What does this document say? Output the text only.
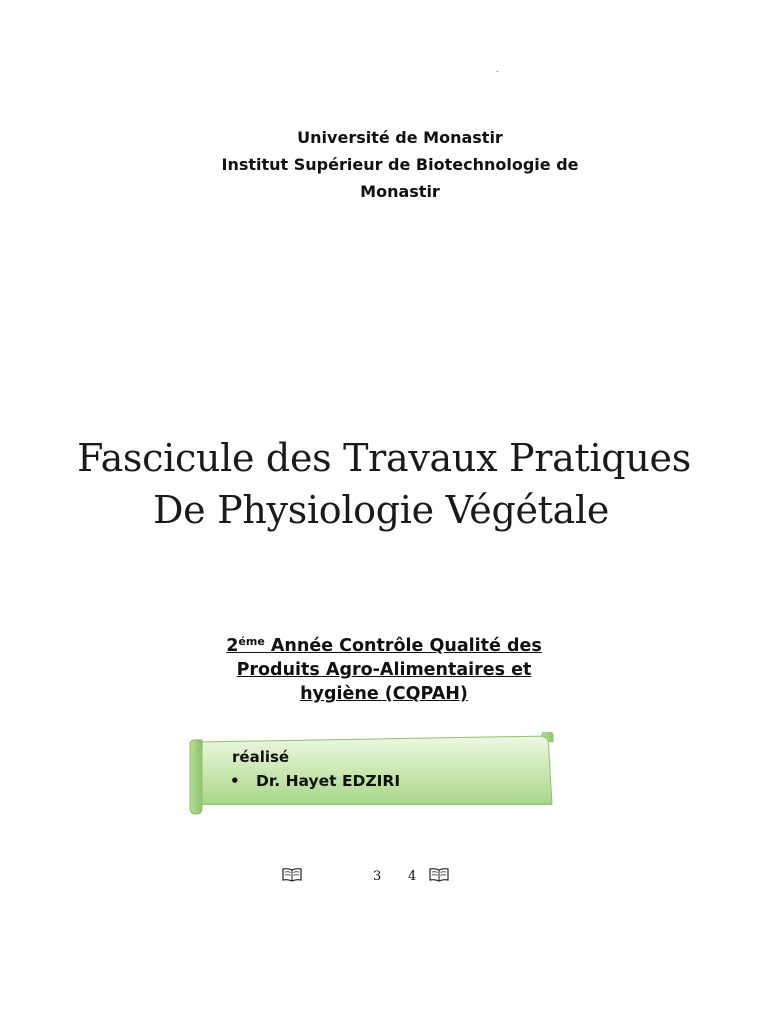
.
Université de Monastir
Institut Supérieur de Biotechnologie de
Monastir
Fascicule des Travaux Pratiques
De Physiologie Végétale
$2^{éme}$ Année Contrôle Qualité des
Produits Agro-Alimentaires et
hygiène (CQPAH)
réalisé
• Dr. Hayet EDZIRI
3 4
